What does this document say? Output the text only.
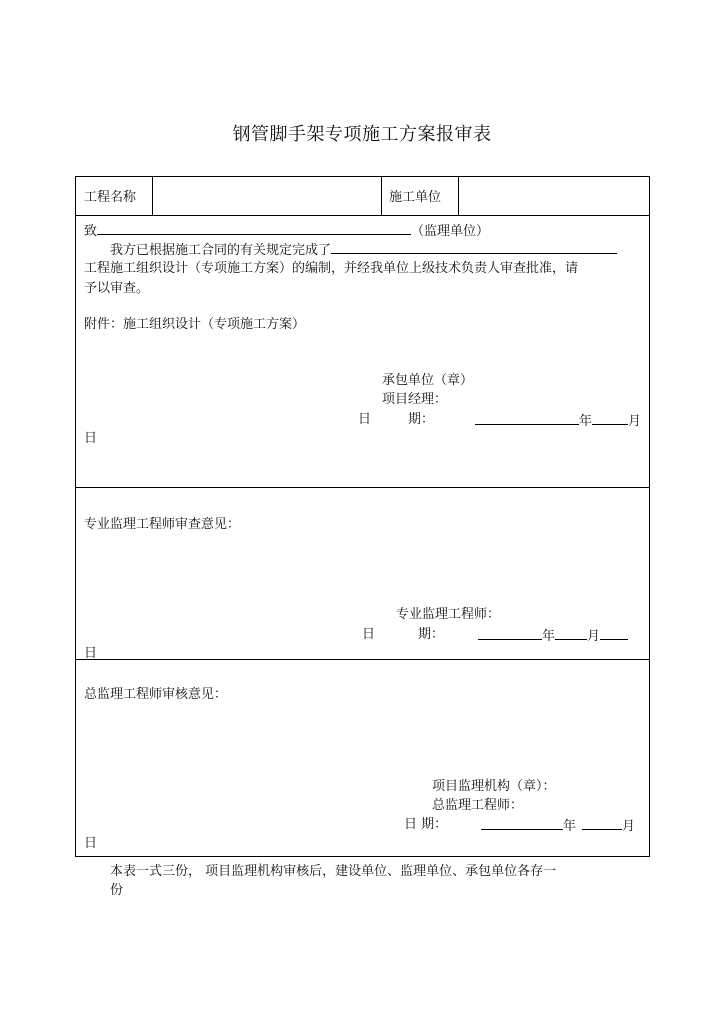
钢管脚手架专项施工方案报审表
工程名称	施工单位
致	（监理单位）
我方已根据施工合同的有关规定完成了
工程施工组织设计（专项施工方案）的编制，并经我单位上级技术负责人审查批准，请
予以审查。
附件：施工组织设计（专项施工方案）
承包单位（章）
项目经理：
日	期：	年	月
日
专业监理工程师审查意见：
专业监理工程师：
日	期：	年 月
日
总监理工程师审核意见：
项目监理机构（章）：
总监理工程师：
日 期：	年	月
日
本表一式三份， 项目监理机构审核后，建设单位、监理单位、承包单位各存一
份
